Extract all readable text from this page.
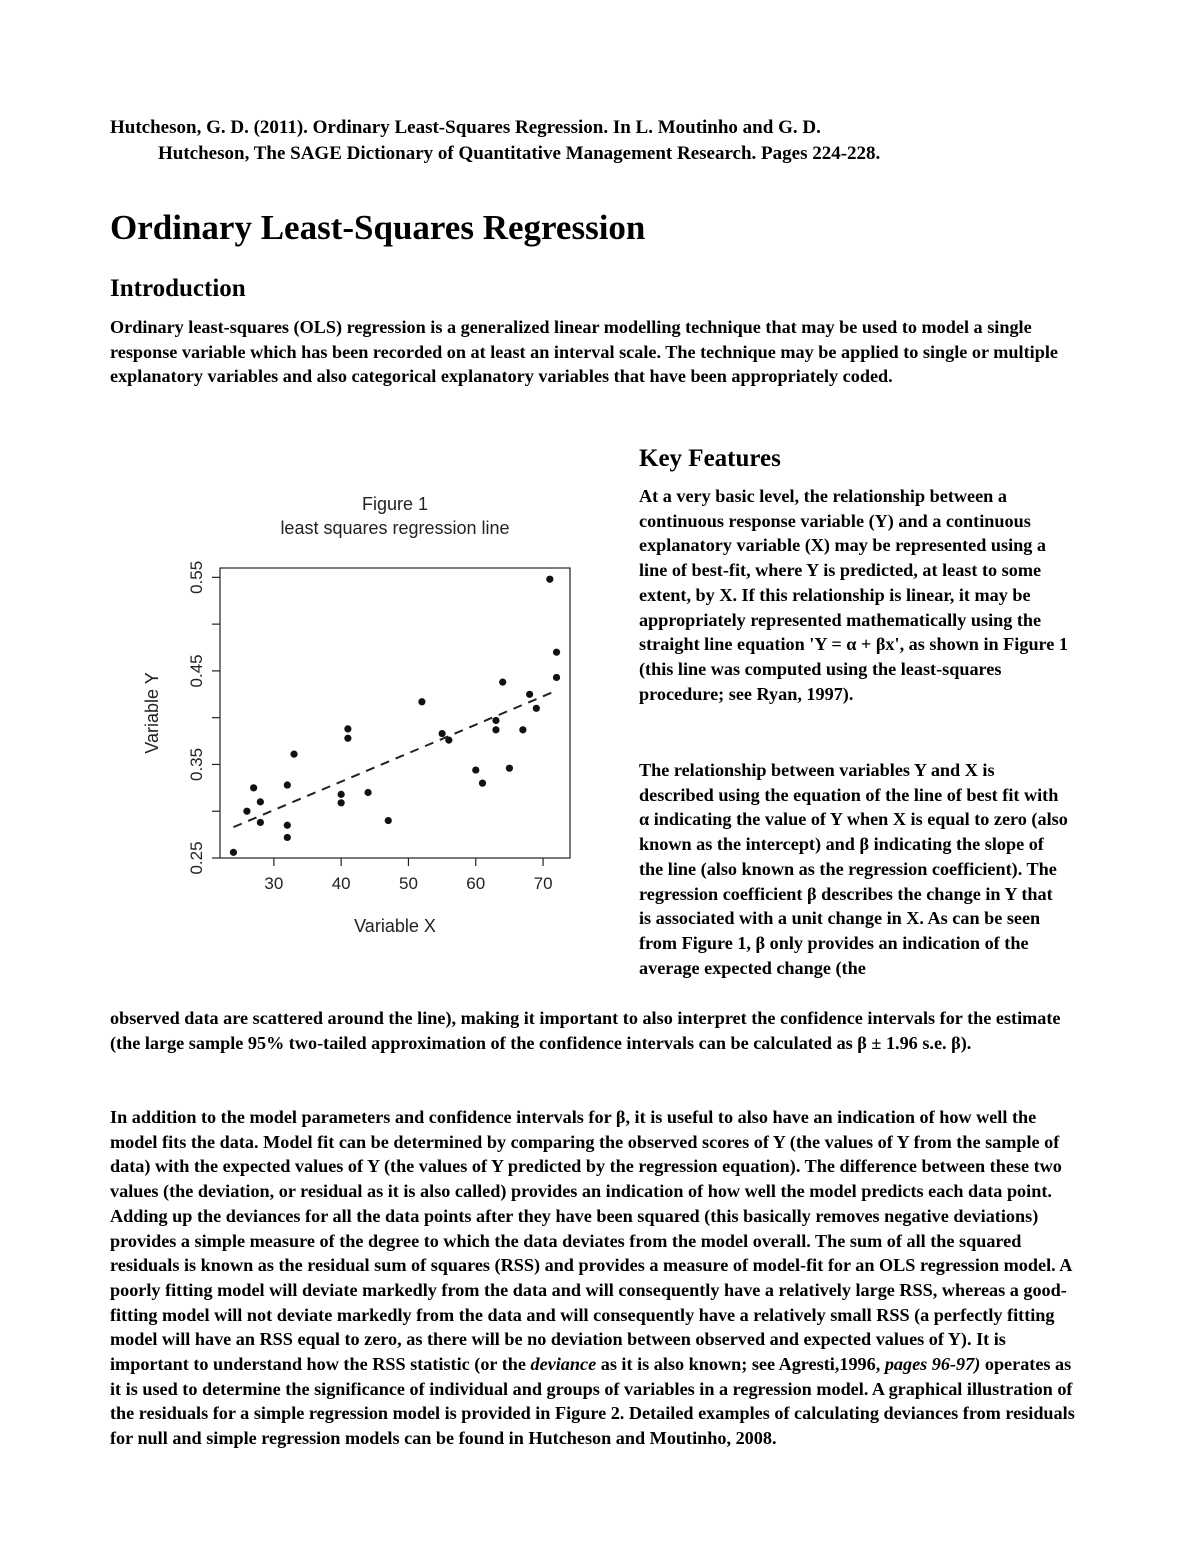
Hutcheson, G. D. (2011). Ordinary Least-Squares Regression. In L. Moutinho and G. D.
Hutcheson, The SAGE Dictionary of Quantitative Management Research. Pages 224-228.
Ordinary Least-Squares Regression
Introduction

Ordinary least-squares (OLS) regression is a generalized linear modelling technique that may be used to model a single response variable which has been recorded on at least an interval scale. The technique may be applied to single or multiple explanatory variables and also categorical explanatory variables that have been appropriately coded.

Figure 1
least squares regression line
30	40	50	60	70
0.25
0.35
0.45
0.55
Variable X
Variable Y
Key Features

At a very basic level, the relationship between a continuous response variable (Y) and a continuous explanatory variable (X) may be represented using a line of best-fit, where Y is predicted, at least to some extent, by X. If this relationship is linear, it may be appropriately represented mathematically using the straight line equation 'Y = α + βx', as shown in Figure 1 (this line was computed using the least-squares procedure; see Ryan, 1997).

The relationship between variables Y and X is described using the equation of the line of best fit with α indicating the value of Y when X is equal to zero (also known as the intercept) and β indicating the slope of the line (also known as the regression coefficient). The regression coefficient β describes the change in Y that is associated with a unit change in X. As can be seen from Figure 1, β only provides an indication of the average expected change (the

observed data are scattered around the line), making it important to also interpret the confidence intervals for the estimate (the large sample 95% two-tailed approximation of the confidence intervals can be calculated as β ± 1.96 s.e. β).

In addition to the model parameters and confidence intervals for β, it is useful to also have an indication of how well the model fits the data. Model fit can be determined by comparing the observed scores of Y (the values of Y from the sample of data) with the expected values of Y (the values of Y predicted by the regression equation). The difference between these two values (the deviation, or residual as it is also called) provides an indication of how well the model predicts each data point. Adding up the deviances for all the data points after they have been squared (this basically removes negative deviations) provides a simple measure of the degree to which the data deviates from the model overall. The sum of all the squared residuals is known as the residual sum of squares (RSS) and provides a measure of model-fit for an OLS regression model. A poorly fitting model will deviate markedly from the data and will consequently have a relatively large RSS, whereas a good-fitting model will not deviate markedly from the data and will consequently have a relatively small RSS (a perfectly fitting model will have an RSS equal to zero, as there will be no deviation between observed and expected values of Y). It is important to understand how the RSS statistic (or the deviance as it is also known; see Agresti,1996, pages 96-97) operates as it is used to determine the significance of individual and groups of variables in a regression model. A graphical illustration of the residuals for a simple regression model is provided in Figure 2. Detailed examples of calculating deviances from residuals for null and simple regression models can be found in Hutcheson and Moutinho, 2008.
